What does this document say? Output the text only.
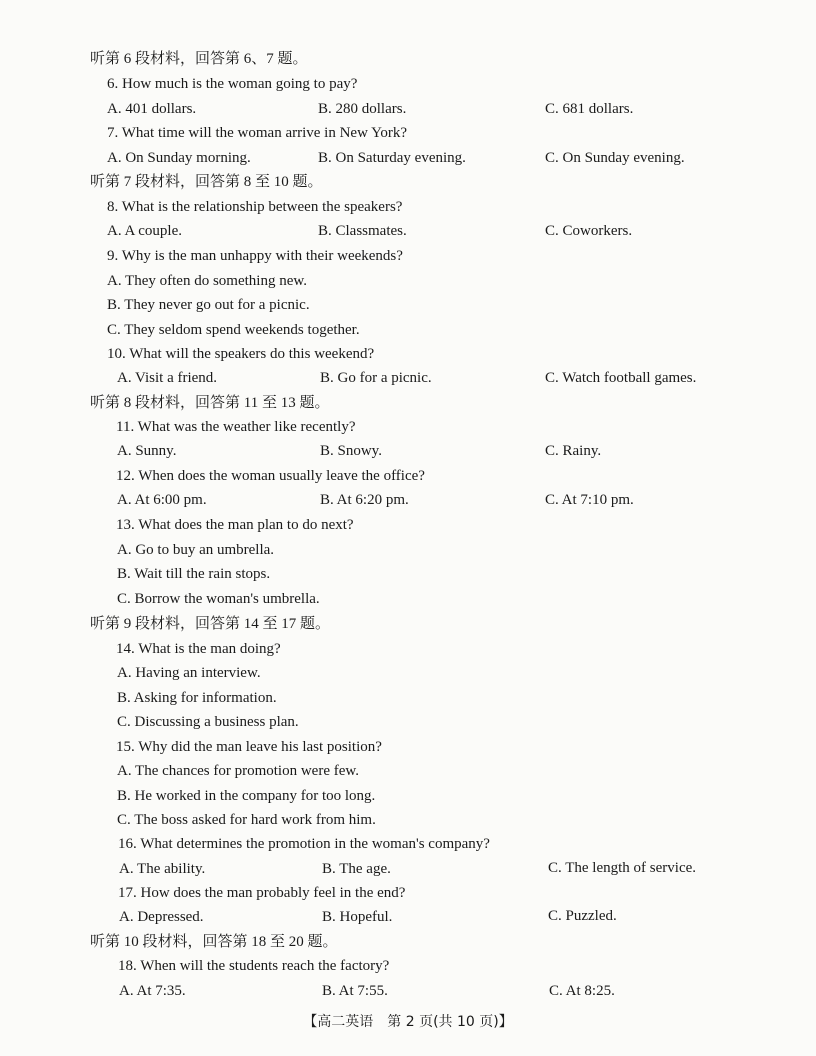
听第 6 段材料，回答第 6、7 题。
6. How much is the woman going to pay?
A. 401 dollars.	B. 280 dollars.	C. 681 dollars.
7. What time will the woman arrive in New York?
A. On Sunday morning.	B. On Saturday evening.	C. On Sunday evening.
听第 7 段材料，回答第 8 至 10 题。
8. What is the relationship between the speakers?
A. A couple.	B. Classmates.	C. Coworkers.
9. Why is the man unhappy with their weekends?
A. They often do something new.
B. They never go out for a picnic.
C. They seldom spend weekends together.
10. What will the speakers do this weekend?
A. Visit a friend.	B. Go for a picnic.	C. Watch football games.
听第 8 段材料，回答第 11 至 13 题。
11. What was the weather like recently?
A. Sunny.	B. Snowy.	C. Rainy.
12. When does the woman usually leave the office?
A. At 6:00 pm.	B. At 6:20 pm.	C. At 7:10 pm.
13. What does the man plan to do next?
A. Go to buy an umbrella.
B. Wait till the rain stops.
C. Borrow the woman's umbrella.
听第 9 段材料，回答第 14 至 17 题。
14. What is the man doing?
A. Having an interview.
B. Asking for information.
C. Discussing a business plan.
15. Why did the man leave his last position?
A. The chances for promotion were few.
B. He worked in the company for too long.
C. The boss asked for hard work from him.
16. What determines the promotion in the woman's company?
A. The ability.	B. The age.	C. The length of service.
17. How does the man probably feel in the end?
A. Depressed.	B. Hopeful.	C. Puzzled.
听第 10 段材料，回答第 18 至 20 题。
18. When will the students reach the factory?
A. At 7:35.	B. At 7:55.	C. At 8:25.
【高二英语　第 2 页(共 10 页)】
